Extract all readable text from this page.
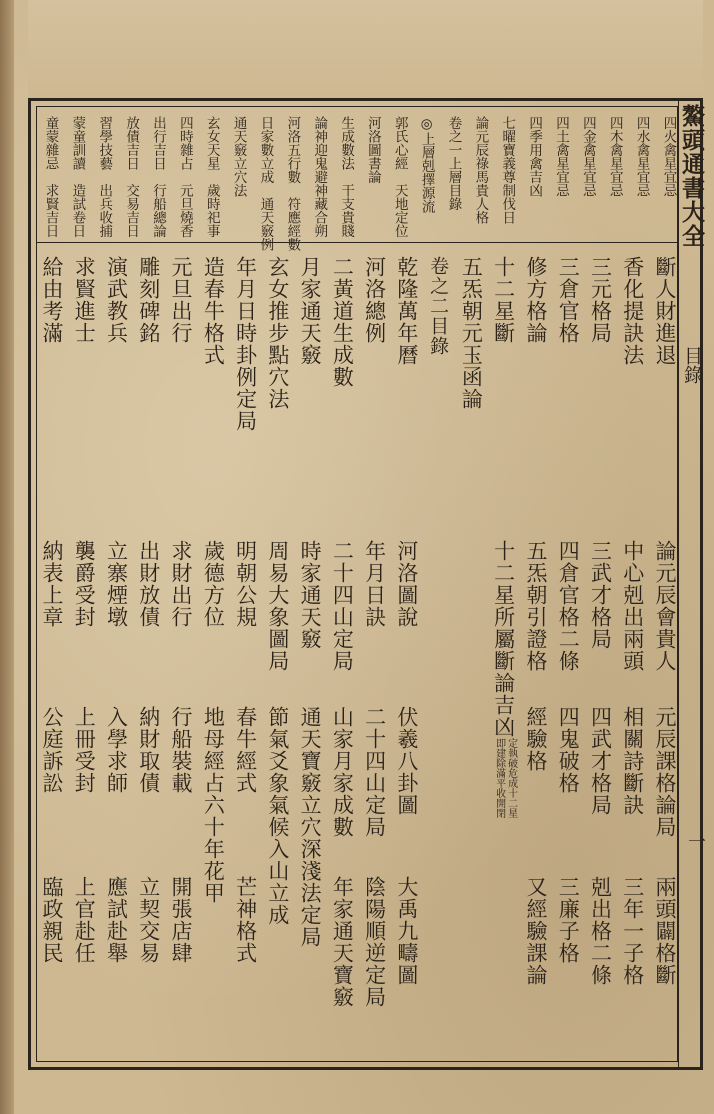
鰲頭通書大全
目錄
一
四火禽星宜忌
四水禽星宜忌
四木禽星宜忌
四金禽星宜忌
四土禽星宜忌
四季用禽吉凶
七曜寶義尊制伐日
論元辰祿馬貴人格
卷之一上層目錄
◎上層剋擇源流
郭氏心經　天地定位
河洛圖書論
生成數法　干支貴賤
論神迎鬼避神藏合朔
河洛五行數　符應經數
日家數立成　通天竅例
通天竅立穴法
玄女天星　歲時祀事
四時雜占　元旦燒香
出行吉日　行船總論
放債吉日　交易吉日
習學技藝　出兵收捕
蒙童訓讀　造試卷日
童蒙雜忌　求賢吉日
斷人財進退
論元辰會貴人
元辰課格論局
兩頭闢格斷
香化提訣法
中心剋出兩頭
相關詩斷訣
三年一子格
三元格局
三武才格局
四武才格局
剋出格二條
三倉官格
四倉官格二條
四鬼破格
三廉子格
修方格論
五炁朝引證格
經驗格
又經驗課論
十二星斷
十二星所屬斷論吉凶
定執破危成十二星
即建除滿平收開閉
五炁朝元玉函論
卷之二目錄
乾隆萬年曆
河洛圖說
伏羲八卦圖
大禹九疇圖
河洛總例
年月日訣
二十四山定局
陰陽順逆定局
二黃道生成數
二十四山定局
山家月家成數
年家通天寶竅
月家通天竅
時家通天竅
通天寶竅立穴深淺法定局
玄女推步點穴法
周易大象圖局
節氣爻象氣候入山立成
年月日時卦例定局
明朝公規
春牛經式
芒神格式
造春牛格式
歲德方位
地母經占六十年花甲
元旦出行
求財出行
行船裝載
開張店肆
雕刻碑銘
出財放債
納財取債
立契交易
演武教兵
立寨煙墩
入學求師
應試赴舉
求賢進士
襲爵受封
上冊受封
上官赴任
給由考滿
納表上章
公庭訴訟
臨政親民
